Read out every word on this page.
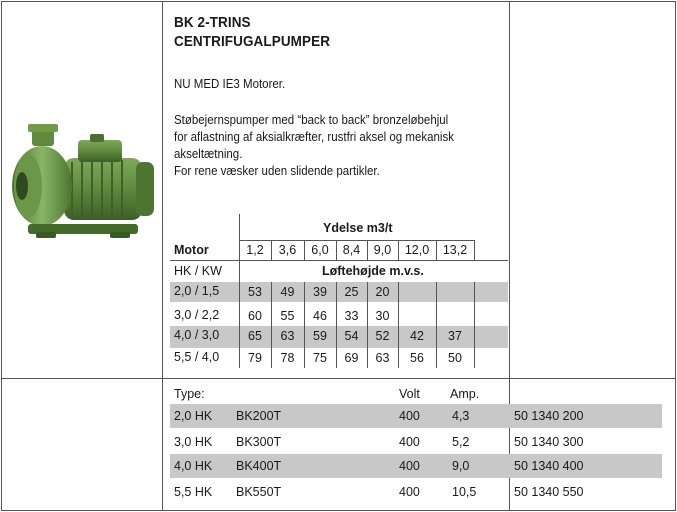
BK 2-TRINS
CENTRIFUGALPUMPER
NU MED IE3 Motorer.
Støbejernspumper med “back to back” bronzeløbehjul
for aflastning af aksialkræfter, rustfri aksel og mekanisk
akseltætning.
For rene væsker uden slidende partikler.
Ydelse m3/t
Motor
HK / KW	Løftehøjde m.v.s.
1,2	3,6	6,0	8,4	9,0	12,0	13,2
2,0 / 1,5	53	49	39	25	20
3,0 / 2,2	60	55	46	33	30
4,0 / 3,0	65	63	59	54	52	42	37
5,5 / 4,0	79	78	75	69	63	56	50
Type:	Volt Amp.
2,0 HK BK200T	400	4,3	50 1340 200
3,0 HK BK300T	400	5,2	50 1340 300
4,0 HK BK400T	400	9,0	50 1340 400
5,5 HK BK550T	400	10,5	50 1340 550
